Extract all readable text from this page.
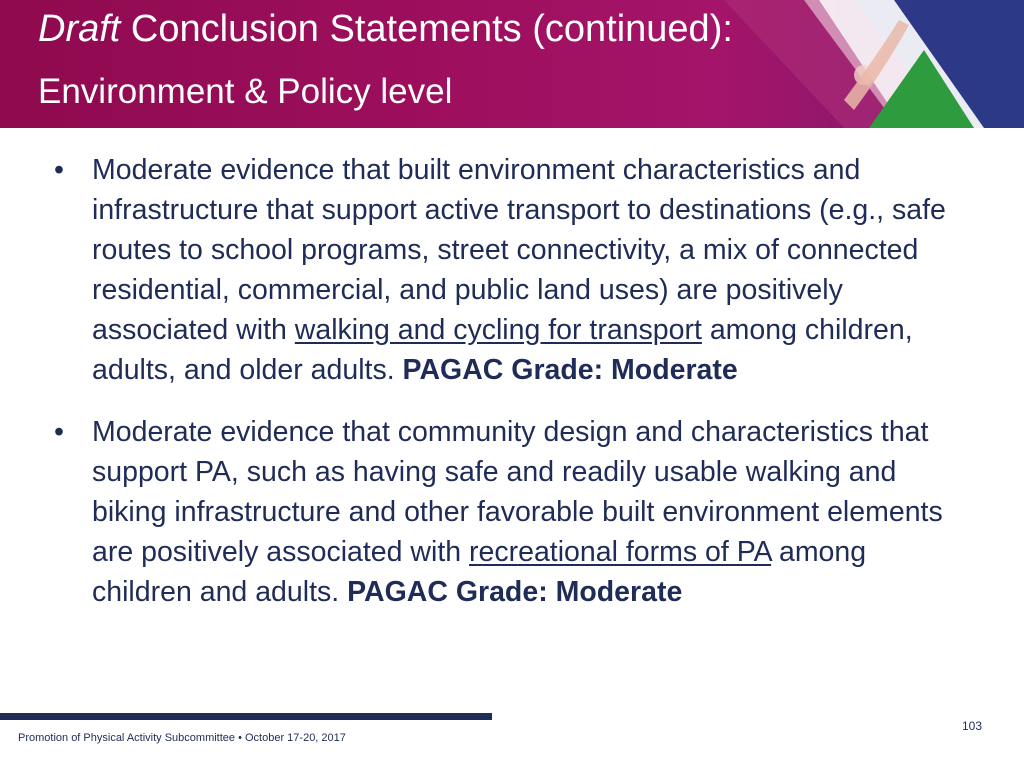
Draft Conclusion Statements (continued):
Environment & Policy level
• Moderate evidence that built environment characteristics and infrastructure that support active transport to destinations (e.g., safe routes to school programs, street connectivity, a mix of connected residential, commercial, and public land uses) are positively associated with walking and cycling for transport among children, adults, and older adults. PAGAC Grade: Moderate
• Moderate evidence that community design and characteristics that support PA, such as having safe and readily usable walking and biking infrastructure and other favorable built environment elements are positively associated with recreational forms of PA among children and adults. PAGAC Grade: Moderate
Promotion of Physical Activity Subcommittee • October 17-20, 2017
103
